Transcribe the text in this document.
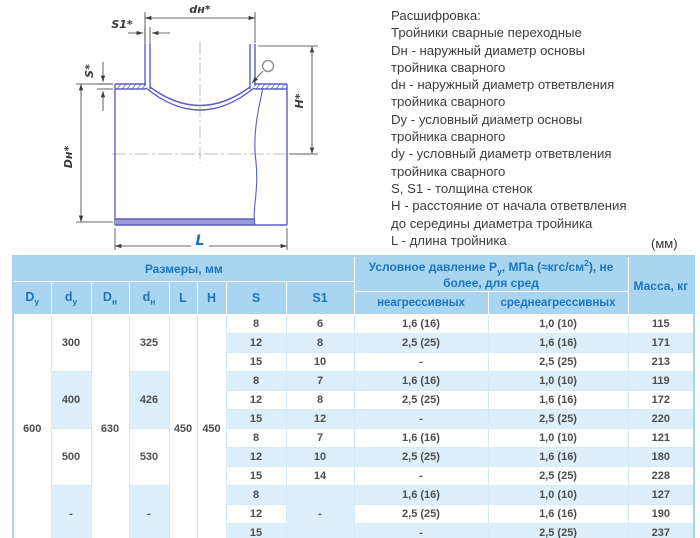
dн*
S1*
S*
Dн*
H*
L
Расшифровка:
Тройники сварные переходные
Dн - наружный диаметр основы
тройника сварного
dн - наружный диаметр ответвления
тройника сварного
Dy - условный диаметр основы
тройника сварного
dy - условный диаметр ответвления
тройника сварного
S, S1 - толщина стенок
H - расстояние от начала ответвления
до середины диаметра тройника
L - длина тройника	(мм)
Размеры, мм								Условное давление $Р_у$, МПа $(\approx кгс/см^2)$, не более, для сред		Масса, кг
$D_у$	$d_у$	$D_н$	$d_н$	L	H	S	S1			
								неагрессивных	среднеагрессивных	
600	300	630	325	450	450	8	6	1,6 (16)	1,0 (10)	115
						12	8	2,5 (25)	1,6 (16)	171
						15	10	-	2,5 (25)	213
	400		426			8	7	1,6 (16)	1,0 (10)	119
						12	8	2,5 (25)	1,6 (16)	172
						15	12	-	2,5 (25)	220
	500		530			8	7	1,6 (16)	1,0 (10)	121
						12	10	2,5 (25)	1,6 (16)	180
						15	14	-	2,5 (25)	228
	-		-			8	-	1,6 (16)	1,0 (10)	127
						12		2,5 (25)	1,6 (16)	190
						15		-	2,5 (25)	237
